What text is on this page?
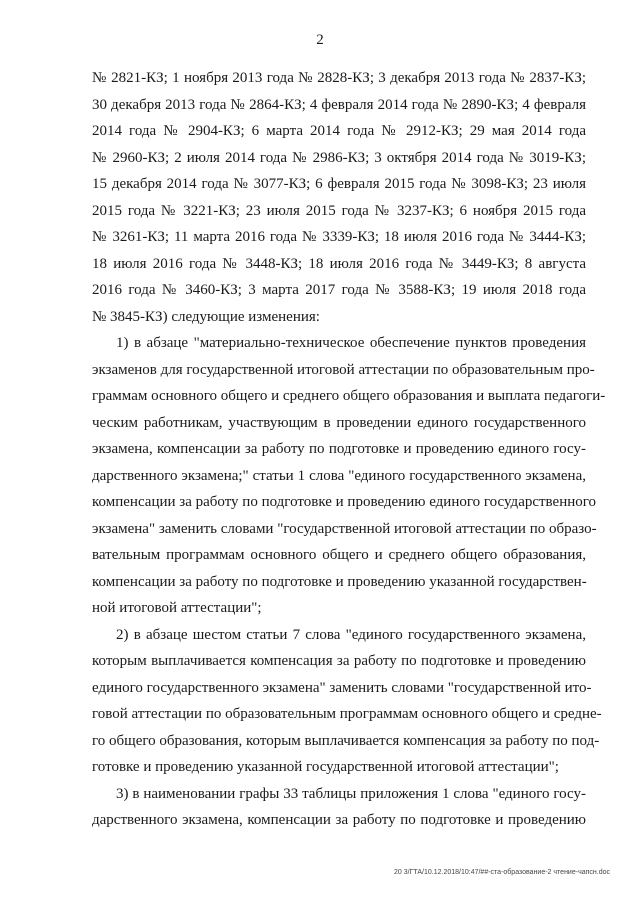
2

№ 2821-КЗ; 1 ноября 2013 года № 2828-КЗ; 3 декабря 2013 года № 2837-КЗ;

30 декабря 2013 года № 2864-КЗ; 4 февраля 2014 года № 2890-КЗ; 4 февраля

2014 года № 2904-КЗ; 6 марта 2014 года № 2912-КЗ; 29 мая 2014 года

№ 2960-КЗ; 2 июля 2014 года № 2986-КЗ; 3 октября 2014 года № 3019-КЗ;

15 декабря 2014 года № 3077-КЗ; 6 февраля 2015 года № 3098-КЗ; 23 июля

2015 года № 3221-КЗ; 23 июля 2015 года № 3237-КЗ; 6 ноября 2015 года

№ 3261-КЗ; 11 марта 2016 года № 3339-КЗ; 18 июля 2016 года № 3444-КЗ;

18 июля 2016 года № 3448-КЗ; 18 июля 2016 года № 3449-КЗ; 8 августа

2016 года № 3460-КЗ; 3 марта 2017 года № 3588-КЗ; 19 июля 2018 года

№ 3845-КЗ) следующие изменения:

1) в абзаце "материально-техническое обеспечение пунктов проведения

экзаменов для государственной итоговой аттестации по образовательным про-

граммам основного общего и среднего общего образования и выплата педагоги-

ческим работникам, участвующим в проведении единого государственного

экзамена, компенсации за работу по подготовке и проведению единого госу-

дарственного экзамена;" статьи 1 слова "единого государственного экзамена,

компенсации за работу по подготовке и проведению единого государственного

экзамена" заменить словами "государственной итоговой аттестации по образо-

вательным программам основного общего и среднего общего образования,

компенсации за работу по подготовке и проведению указанной государствен-

ной итоговой аттестации";

2) в абзаце шестом статьи 7 слова "единого государственного экзамена,

которым выплачивается компенсация за работу по подготовке и проведению

единого государственного экзамена" заменить словами "государственной ито-

говой аттестации по образовательным программам основного общего и средне-

го общего образования, которым выплачивается компенсация за работу по под-

готовке и проведению указанной государственной итоговой аттестации";

3) в наименовании графы 33 таблицы приложения 1 слова "единого госу-

дарственного экзамена, компенсации за работу по подготовке и проведению

20 3/ГТА/10.12.2018/10:47/##-ста-образование-2 чтение-чапсн.doc
